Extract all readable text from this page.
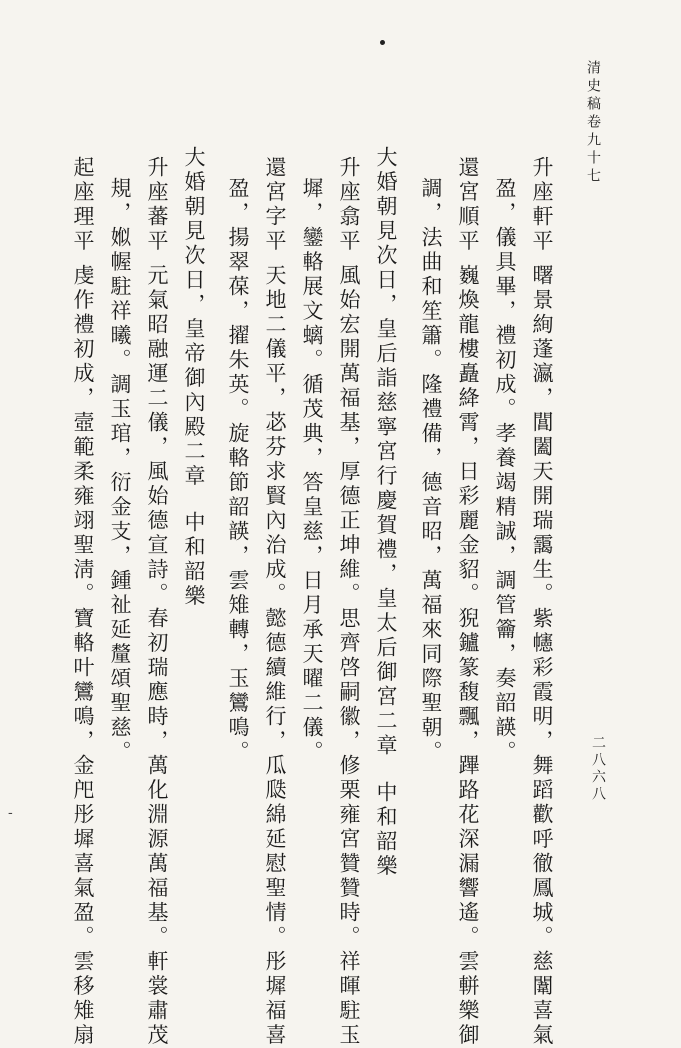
清史稿卷九十七
二八六八
升座軒平曙景絢蓬瀛，閶闔天開瑞靄生。紫幰彩霞明，舞蹈歡呼徹鳳城。慈闈喜氣
盈，儀具畢，禮初成。孝養竭精誠，調管籥，奏韶韺。
還宮順平巍煥龍樓矗絳霄，日彩麗金貂。猊鑪篆馥飄，蹕路花深漏響遙。雲軿樂御
調，法曲和笙簫。隆禮備，德音昭，萬福來同際聖朝。
大婚朝見次日，皇后詣慈寧宮行慶賀禮，皇太后御宮二章中和韶樂
升座翕平風始宏開萬福基，厚德正坤維。思齊啓嗣徽，修栗雍宮贊贊時。祥暉駐玉
墀，鑾輅展文螭。循茂典，答皇慈，日月承天曜二儀。
還宮字平天地二儀平，苾芬求賢內治成。懿德續維行，瓜瓞綿延慰聖情。彤墀福喜
盈，揚翠葆，擢朱英。旋輅節韶韺，雲雉轉，玉鸞鳴。
大婚朝見次日，皇帝御內殿二章中和韶樂
升座蕃平元氣昭融運二儀，風始德宣詩。春初瑞應時，萬化淵源萬福基。軒裳肅茂
規，娰幄駐祥曦。調玉琯，衍金支，鍾祉延釐頌聖慈。
起座理平虔作禮初成，壼範柔雍翊聖淸。寶輅叶鸞鳴，金戺彤墀喜氣盈。雲移雉扇
-
